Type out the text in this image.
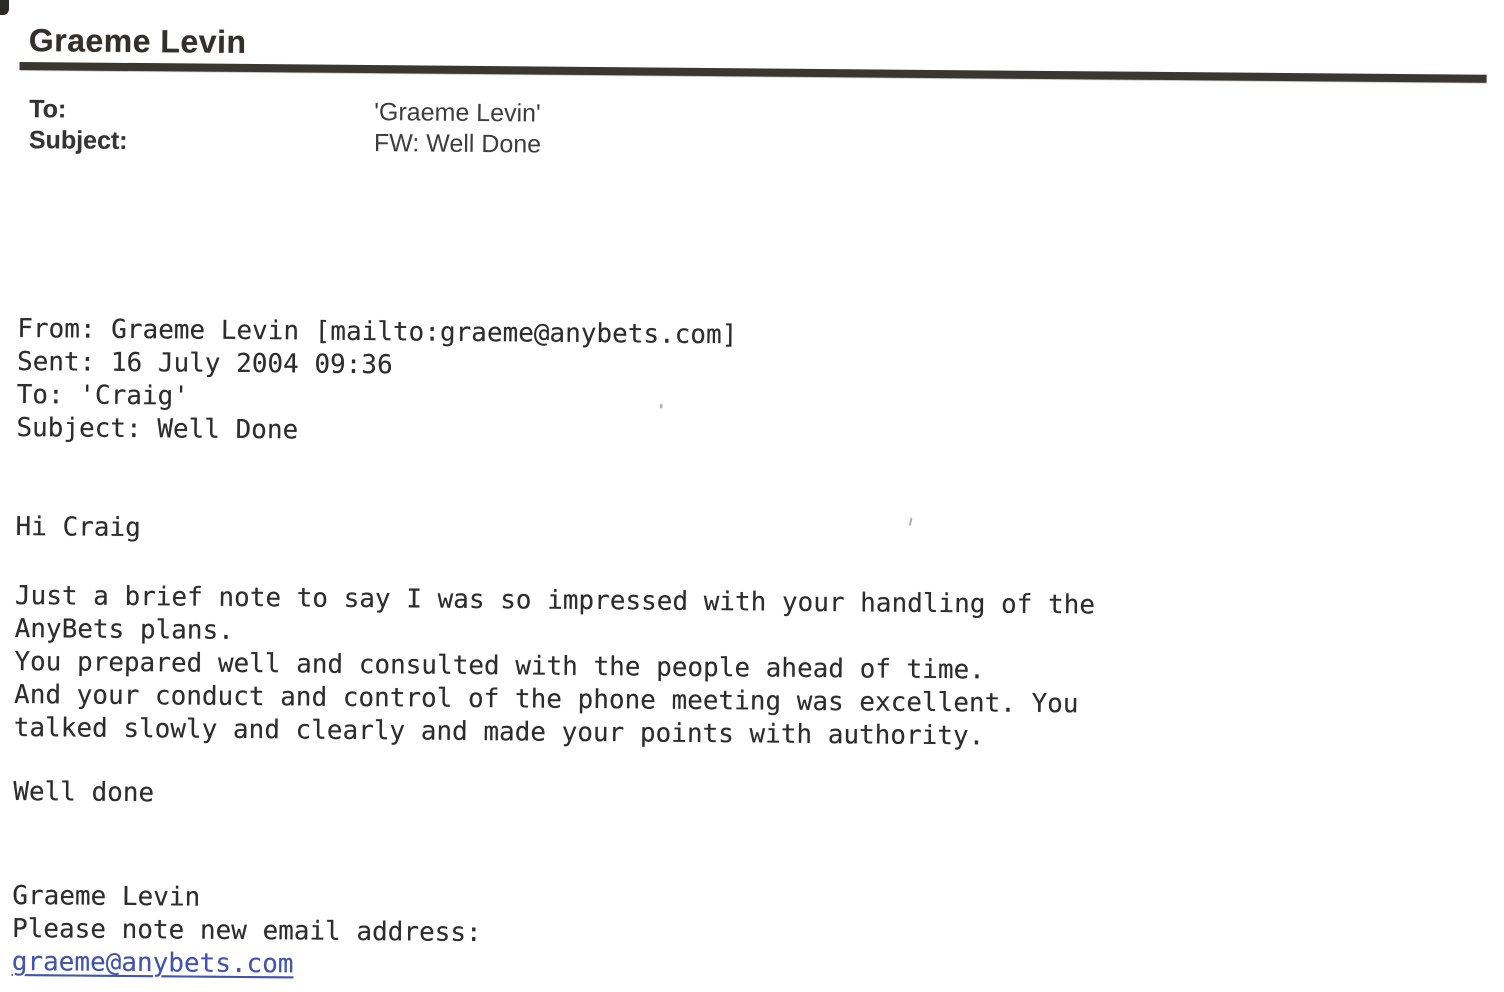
Graeme Levin
To:	'Graeme Levin'
Subject:	FW: Well Done
From: Graeme Levin [mailto:graeme@anybets.com]
Sent: 16 July 2004 09:36
To: 'Craig'
Subject: Well Done
Hi Craig
Just a brief note to say I was so impressed with your handling of the
AnyBets plans.
You prepared well and consulted with the people ahead of time.
And your conduct and control of the phone meeting was excellent. You
talked slowly and clearly and made your points with authority.
Well done
Graeme Levin
Please note new email address:
graeme@anybets.com
